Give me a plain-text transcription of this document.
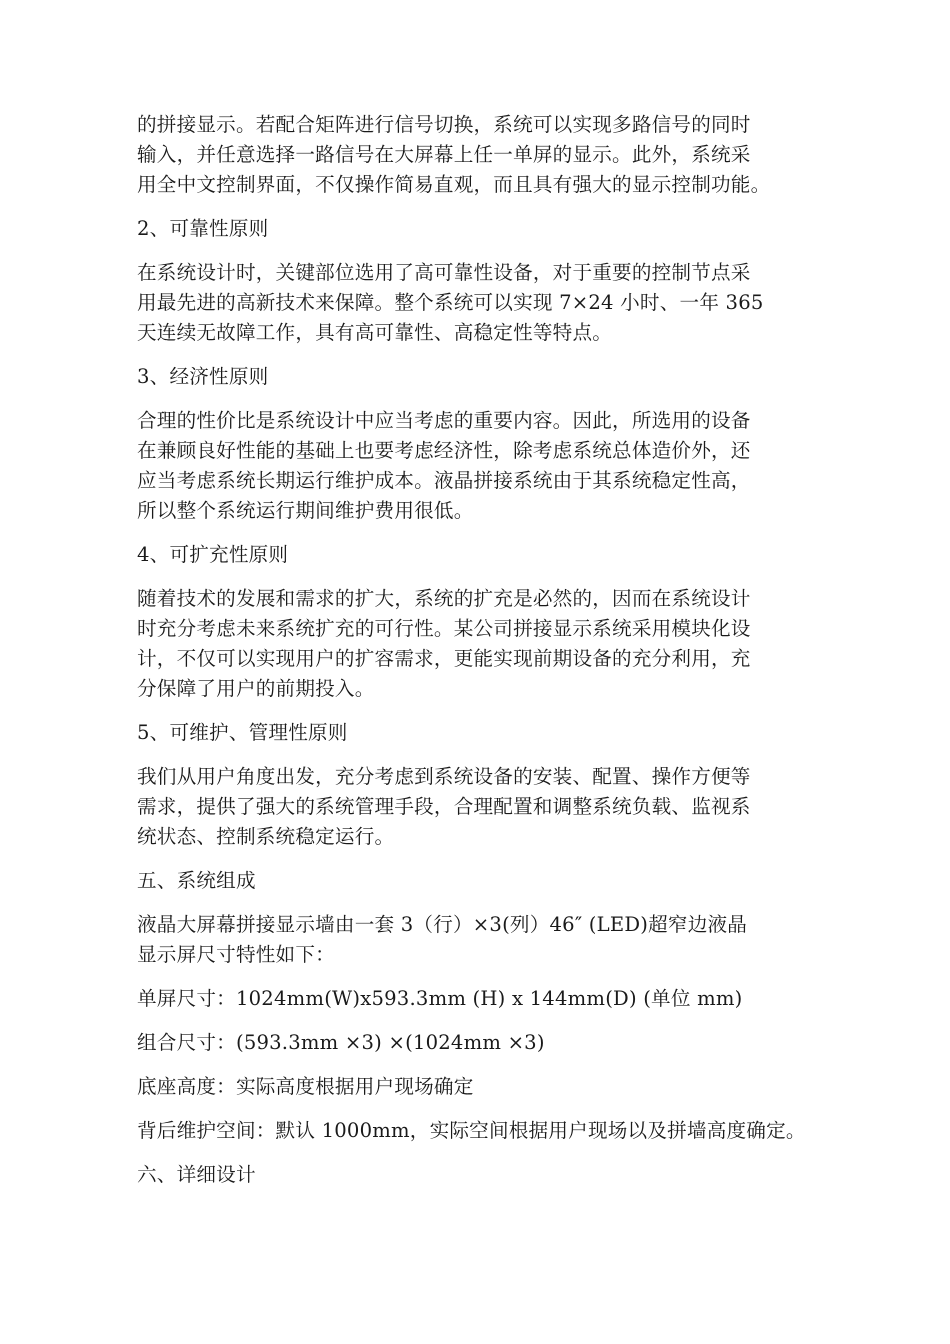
的拼接显示。若配合矩阵进行信号切换，系统可以实现多路信号的同时
输入，并任意选择一路信号在大屏幕上任一单屏的显示。此外，系统采
用全中文控制界面，不仅操作简易直观，而且具有强大的显示控制功能。
2、可靠性原则
在系统设计时，关键部位选用了高可靠性设备，对于重要的控制节点采
用最先进的高新技术来保障。整个系统可以实现 7×24 小时、一年 365
天连续无故障工作，具有高可靠性、高稳定性等特点。
3、经济性原则
合理的性价比是系统设计中应当考虑的重要内容。因此，所选用的设备
在兼顾良好性能的基础上也要考虑经济性，除考虑系统总体造价外，还
应当考虑系统长期运行维护成本。液晶拼接系统由于其系统稳定性高，
所以整个系统运行期间维护费用很低。
4、可扩充性原则
随着技术的发展和需求的扩大，系统的扩充是必然的，因而在系统设计
时充分考虑未来系统扩充的可行性。某公司拼接显示系统采用模块化设
计，不仅可以实现用户的扩容需求，更能实现前期设备的充分利用，充
分保障了用户的前期投入。
5、可维护、管理性原则
我们从用户角度出发，充分考虑到系统设备的安装、配置、操作方便等
需求，提供了强大的系统管理手段，合理配置和调整系统负载、监视系
统状态、控制系统稳定运行。
五、系统组成
液晶大屏幕拼接显示墙由一套 3（行）×3(列）46″ (LED)超窄边液晶
显示屏尺寸特性如下：
单屏尺寸：1024mm(W)x593.3mm (H) x 144mm(D) (单位 mm)
组合尺寸：(593.3mm ×3) ×(1024mm ×3)
底座高度：实际高度根据用户现场确定
背后维护空间：默认 1000mm，实际空间根据用户现场以及拼墙高度确定。
六、详细设计
